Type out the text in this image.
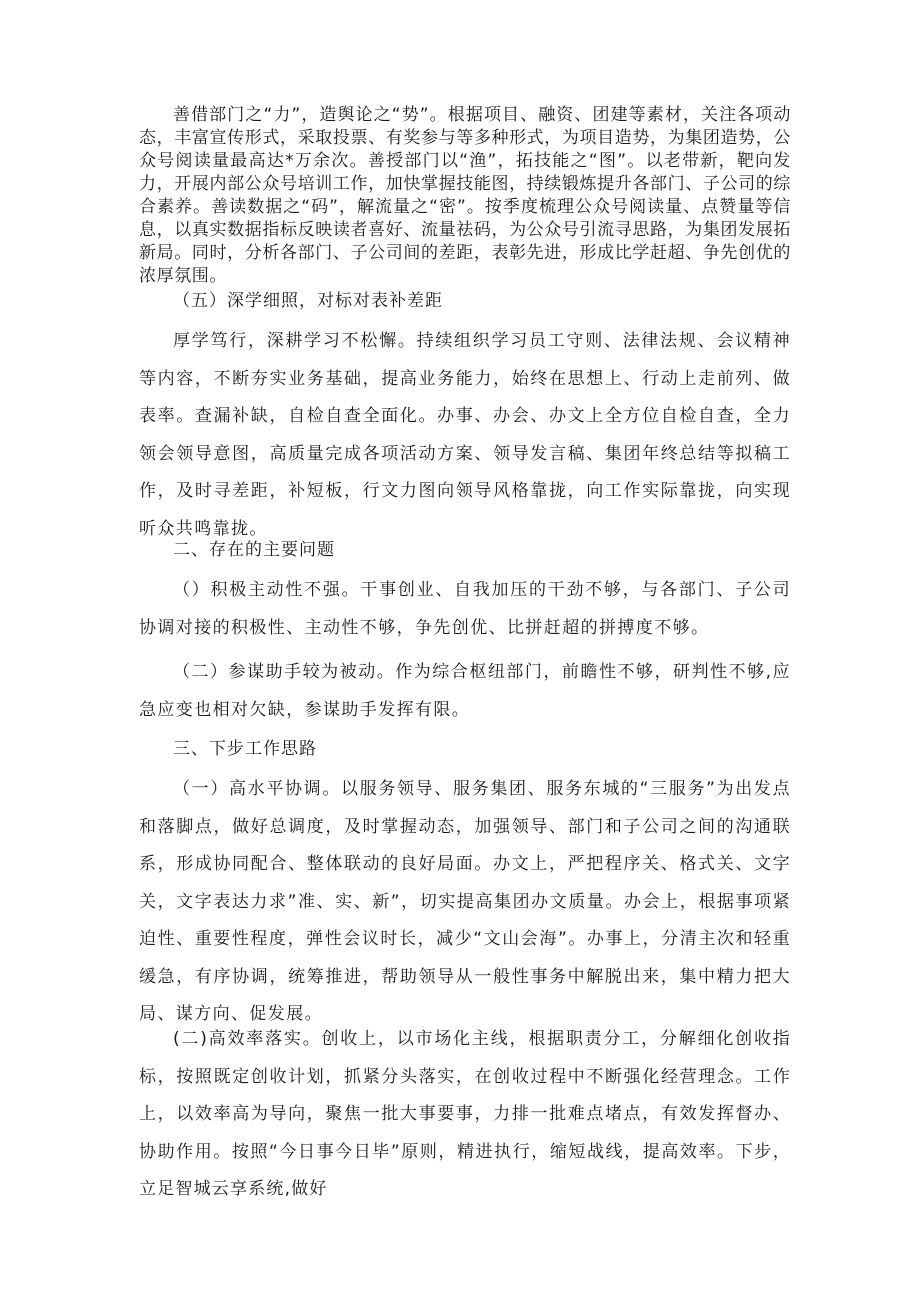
善借部门之“力”，造舆论之“势”。根据项目、融资、团建等素材，关注各项动态，丰富宣传形式，采取投票、有奖参与等多种形式，为项目造势，为集团造势，公众号阅读量最高达*万余次。善授部门以“渔”，拓技能之“图”。以老带新，靶向发力，开展内部公众号培训工作，加快掌握技能图，持续锻炼提升各部门、子公司的综合素养。善读数据之“码”，解流量之“密”。按季度梳理公众号阅读量、点赞量等信息，以真实数据指标反映读者喜好、流量祛码，为公众号引流寻思路，为集团发展拓新局。同时，分析各部门、子公司间的差距，表彰先进，形成比学赶超、争先创优的浓厚氛围。

（五）深学细照，对标对表补差距

厚学笃行，深耕学习不松懈。持续组织学习员工守则、法律法规、会议精神等内容，不断夯实业务基础，提高业务能力，始终在思想上、行动上走前列、做表率。查漏补缺，自检自查全面化。办事、办会、办文上全方位自检自查，全力领会领导意图，高质量完成各项活动方案、领导发言稿、集团年终总结等拟稿工作，及时寻差距，补短板，行文力图向领导风格靠拢，向工作实际靠拢，向实现听众共鸣靠拢。

二、存在的主要问题

（）积极主动性不强。干事创业、自我加压的干劲不够，与各部门、子公司协调对接的积极性、主动性不够，争先创优、比拼赶超的拼搏度不够。

（二）参谋助手较为被动。作为综合枢纽部门，前瞻性不够，研判性不够,应急应变也相对欠缺，参谋助手发挥有限。

三、下步工作思路

（一）高水平协调。以服务领导、服务集团、服务东城的“三服务”为出发点和落脚点，做好总调度，及时掌握动态，加强领导、部门和子公司之间的沟通联系，形成协同配合、整体联动的良好局面。办文上，严把程序关、格式关、文字关，文字表达力求”准、实、新”，切实提高集团办文质量。办会上，根据事项紧迫性、重要性程度，弹性会议时长，减少“文山会海”。办事上，分清主次和轻重缓急，有序协调，统筹推进，帮助领导从一般性事务中解脱出来，集中精力把大局、谋方向、促发展。

(二)高效率落实。创收上，以市场化主线，根据职责分工，分解细化创收指标，按照既定创收计划，抓紧分头落实，在创收过程中不断强化经营理念。工作上，以效率高为导向，聚焦一批大事要事，力排一批难点堵点，有效发挥督办、协助作用。按照“今日事今日毕”原则，精进执行，缩短战线，提高效率。下步，立足智城云享系统,做好
